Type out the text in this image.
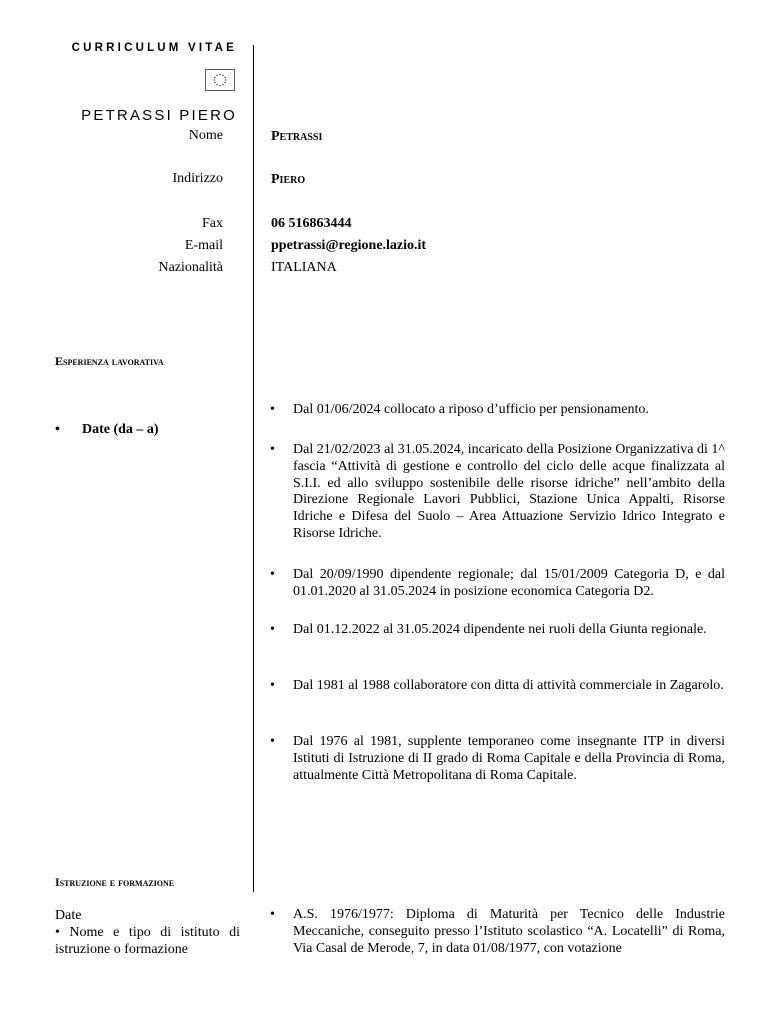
CURRICULUM VITAE
PETRASSI PIERO
Nome	Petrassi
Indirizzo	Piero
Fax	06 516863444
E-mail	ppetrassi@regione.lazio.it
Nazionalità	ITALIANA
Esperienza lavorativa
•	Date (da – a)
•	Dal 01/06/2024 collocato a riposo d’ufficio per pensionamento.
•	Dal 21/02/2023 al 31.05.2024, incaricato della Posizione Organizzativa di 1^ fascia “Attività di gestione e controllo del ciclo delle acque finalizzata al S.I.I. ed allo sviluppo sostenibile delle risorse idriche” nell’ambito della Direzione Regionale Lavori Pubblici, Stazione Unica Appalti, Risorse Idriche e Difesa del Suolo – Area Attuazione Servizio Idrico Integrato e Risorse Idriche.
•	Dal 20/09/1990 dipendente regionale; dal 15/01/2009 Categoria D, e dal 01.01.2020 al 31.05.2024 in posizione economica Categoria D2.
•	Dal 01.12.2022 al 31.05.2024 dipendente nei ruoli della Giunta regionale.
•	Dal 1981 al 1988 collaboratore con ditta di attività commerciale in Zagarolo.
•	Dal 1976 al 1981, supplente temporaneo come insegnante ITP in diversi Istituti di Istruzione di II grado di Roma Capitale e della Provincia di Roma, attualmente Città Metropolitana di Roma Capitale.
Istruzione e formazione
Date
• Nome e tipo di istituto di istruzione o formazione
•	A.S. 1976/1977: Diploma di Maturità per Tecnico delle Industrie Meccaniche, conseguito presso l’Istituto scolastico “A. Locatelli” di Roma, Via Casal de Merode, 7, in data 01/08/1977, con votazione
